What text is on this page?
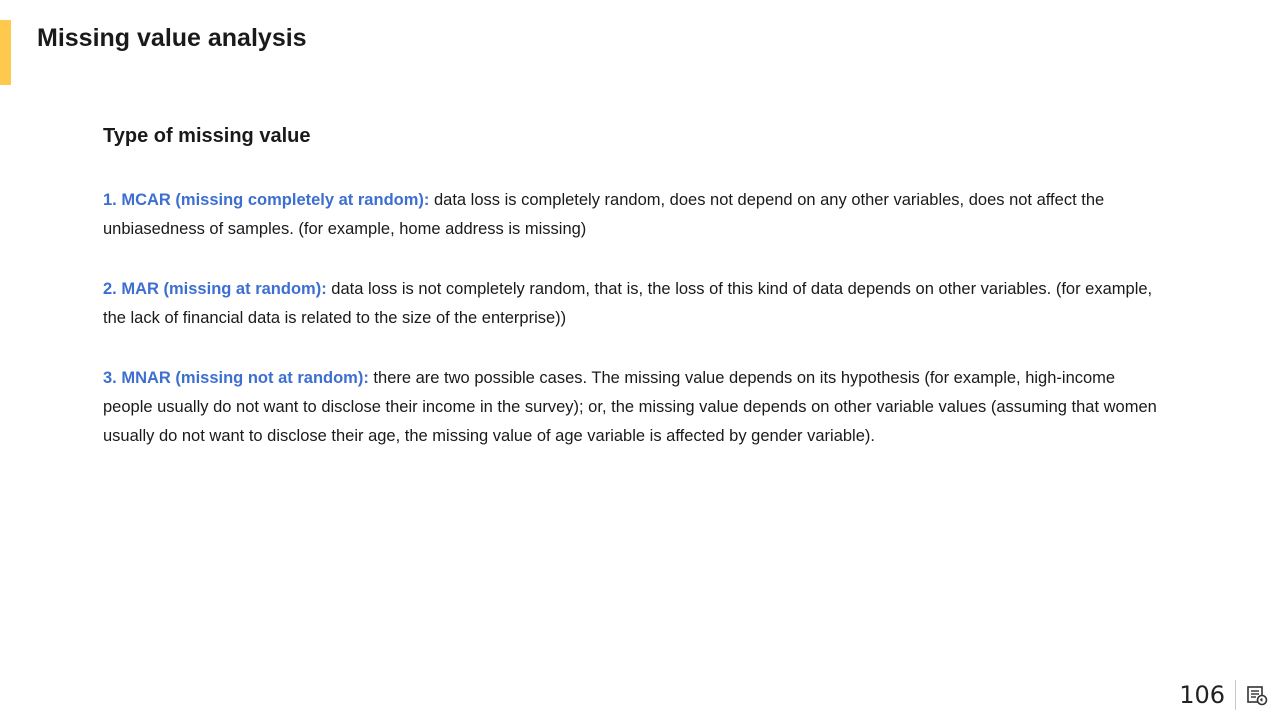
Missing value analysis
Type of missing value

1. MCAR (missing completely at random): data loss is completely random, does not depend on any other variables, does not affect the unbiasedness of samples. (for example, home address is missing)

2. MAR (missing at random): data loss is not completely random, that is, the loss of this kind of data depends on other variables. (for example, the lack of financial data is related to the size of the enterprise))

3. MNAR (missing not at random): there are two possible cases. The missing value depends on its hypothesis (for example, high-income people usually do not want to disclose their income in the survey); or, the missing value depends on other variable values (assuming that women usually do not want to disclose their age, the missing value of age variable is affected by gender variable).

106
